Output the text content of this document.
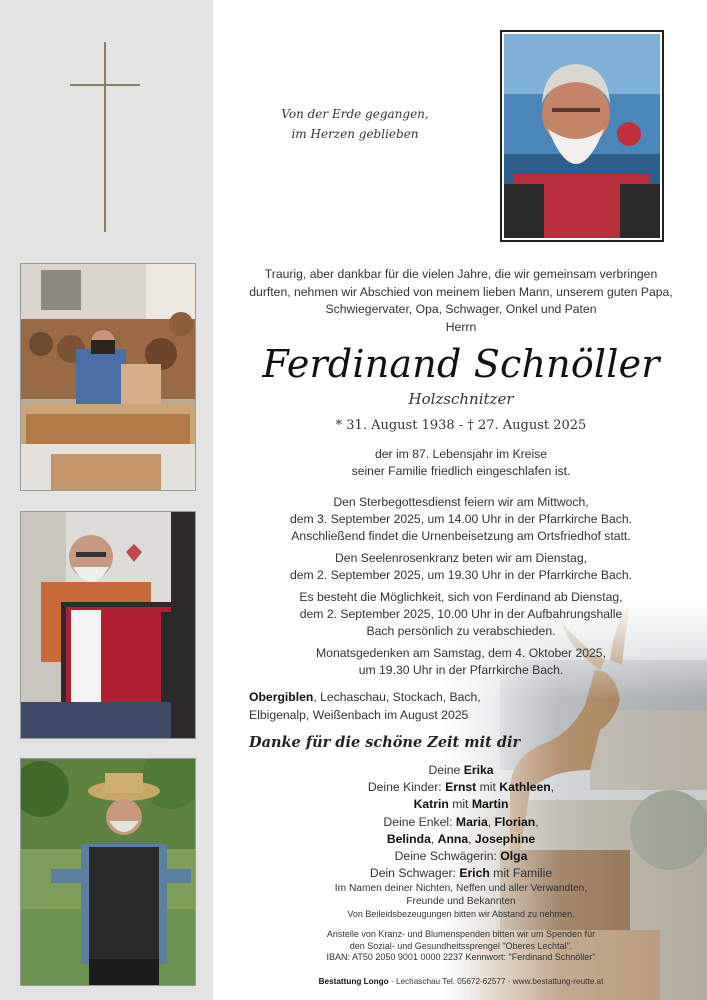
Von der Erde gegangen,
im Herzen geblieben
Traurig, aber dankbar für die vielen Jahre, die wir gemeinsam verbringen
durften, nehmen wir Abschied von meinem lieben Mann, unserem guten Papa,
Schwiegervater, Opa, Schwager, Onkel und Paten
Herrn
Ferdinand Schnöller
Holzschnitzer
* 31. August 1938 - † 27. August 2025
der im 87. Lebensjahr im Kreise
seiner Familie friedlich eingeschlafen ist.
Den Sterbegottesdienst feiern wir am Mittwoch,
dem 3. September 2025, um 14.00 Uhr in der Pfarrkirche Bach.
Anschließend findet die Urnenbeisetzung am Ortsfriedhof statt.
Den Seelenrosenkranz beten wir am Dienstag,
dem 2. September 2025, um 19.30 Uhr in der Pfarrkirche Bach.
Es besteht die Möglichkeit, sich von Ferdinand ab Dienstag,
dem 2. September 2025, 10.00 Uhr in der Aufbahrungshalle
Bach persönlich zu verabschieden.
Monatsgedenken am Samstag, dem 4. Oktober 2025,
um 19.30 Uhr in der Pfarrkirche Bach.
Obergiblen, Lechaschau, Stockach, Bach,
Elbigenalp, Weißenbach im August 2025
Danke für die schöne Zeit mit dir
Deine Erika
Deine Kinder: Ernst mit Kathleen,
Katrin mit Martin
Deine Enkel: Maria, Florian,
Belinda, Anna, Josephine
Deine Schwägerin: Olga
Dein Schwager: Erich mit Familie
Im Namen deiner Nichten, Neffen und aller Verwandten,
Freunde und Bekannten
Von Beileidsbezeugungen bitten wir Abstand zu nehmen.
Anstelle von Kranz- und Blumenspenden bitten wir um Spenden für
den Sozial- und Gesundheitssprengel "Oberes Lechtal".
IBAN: AT50 2050 9001 0000 2237 Kennwort: "Ferdinand Schnöller"
Bestattung Longo · Lechaschau Tel. 05672-62577 · www.bestattung-reutte.at
